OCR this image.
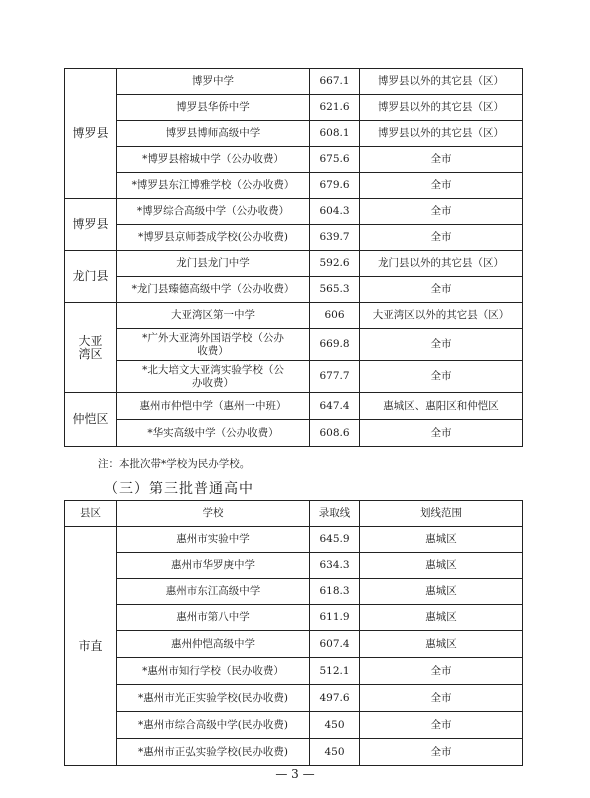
博罗县	博罗中学	667.1	博罗县以外的其它县（区）
	博罗县华侨中学	621.6	博罗县以外的其它县（区）
	博罗县博师高级中学	608.1	博罗县以外的其它县（区）
	*博罗县榕城中学（公办收费）	675.6	全市
	*博罗县东江博雅学校（公办收费）	679.6	全市
博罗县	*博罗综合高级中学（公办收费）	604.3	全市
	*博罗县京师荟成学校(公办收费)	639.7	全市
龙门县	龙门县龙门中学	592.6	龙门县以外的其它县（区）
	*龙门县臻德高级中学（公办收费）	565.3	全市
大亚湾区	大亚湾区第一中学	606	大亚湾区以外的其它县（区）
	*广外大亚湾外国语学校（公办收费）	669.8	全市
	*北大培文大亚湾实验学校（公办收费）	677.7	全市
仲恺区	惠州市仲恺中学（惠州一中班）	647.4	惠城区、惠阳区和仲恺区
	*华实高级中学（公办收费）	608.6	全市
注：本批次带*学校为民办学校。
（三）第三批普通高中
县区	学校	录取线	划线范围
市直	惠州市实验中学	645.9	惠城区
	惠州市华罗庚中学	634.3	惠城区
	惠州市东江高级中学	618.3	惠城区
	惠州市第八中学	611.9	惠城区
	惠州仲恺高级中学	607.4	惠城区
	*惠州市知行学校（民办收费）	512.1	全市
	*惠州市光正实验学校(民办收费)	497.6	全市
	*惠州市综合高级中学(民办收费)	450	全市
	*惠州市正弘实验学校(民办收费)	450	全市
— 3 —
